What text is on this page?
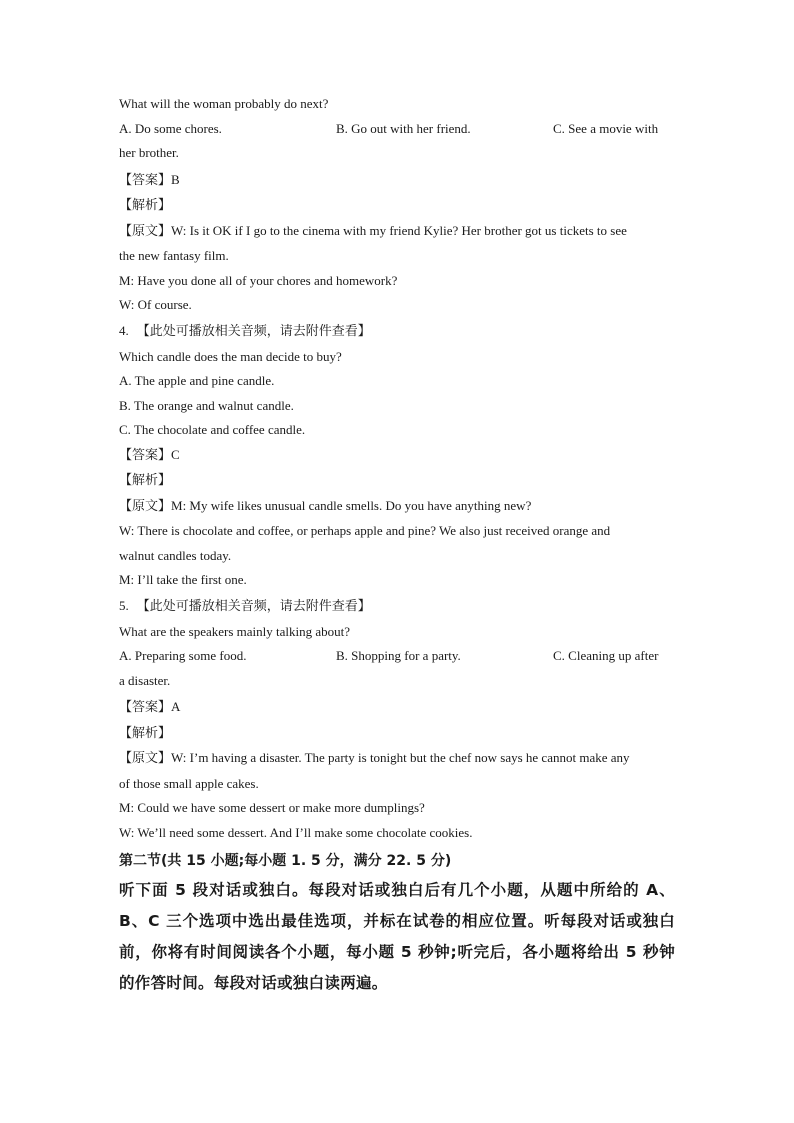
What will the woman probably do next?
A. Do some chores.	B. Go out with her friend.	C. See a movie with
her brother.
【答案】B
【解析】
【原文】W: Is it OK if I go to the cinema with my friend Kylie? Her brother got us tickets to see
the new fantasy film.
M: Have you done all of your chores and homework?
W: Of course.
4. 【此处可播放相关音频，请去附件查看】
Which candle does the man decide to buy?
A. The apple and pine candle.
B. The orange and walnut candle.
C. The chocolate and coffee candle.
【答案】C
【解析】
【原文】M: My wife likes unusual candle smells. Do you have anything new?
W: There is chocolate and coffee, or perhaps apple and pine? We also just received orange and
walnut candles today.
M: I’ll take the first one.
5. 【此处可播放相关音频，请去附件查看】
What are the speakers mainly talking about?
A. Preparing some food.	B. Shopping for a party.	C. Cleaning up after
a disaster.
【答案】A
【解析】
【原文】W: I’m having a disaster. The party is tonight but the chef now says he cannot make any
of those small apple cakes.
M: Could we have some dessert or make more dumplings?
W: We’ll need some dessert. And I’ll make some chocolate cookies.
第二节(共 15 小题;每小题 1. 5 分，满分 22. 5 分)
听下面 5 段对话或独白。每段对话或独白后有几个小题，从题中所给的 A、B、C 三个选项中选出最佳选项，并标在试卷的相应位置。听每段对话或独白前，你将有时间阅读各个小题，每小题 5 秒钟;听完后，各小题将给出 5 秒钟的作答时间。每段对话或独白读两遍。
